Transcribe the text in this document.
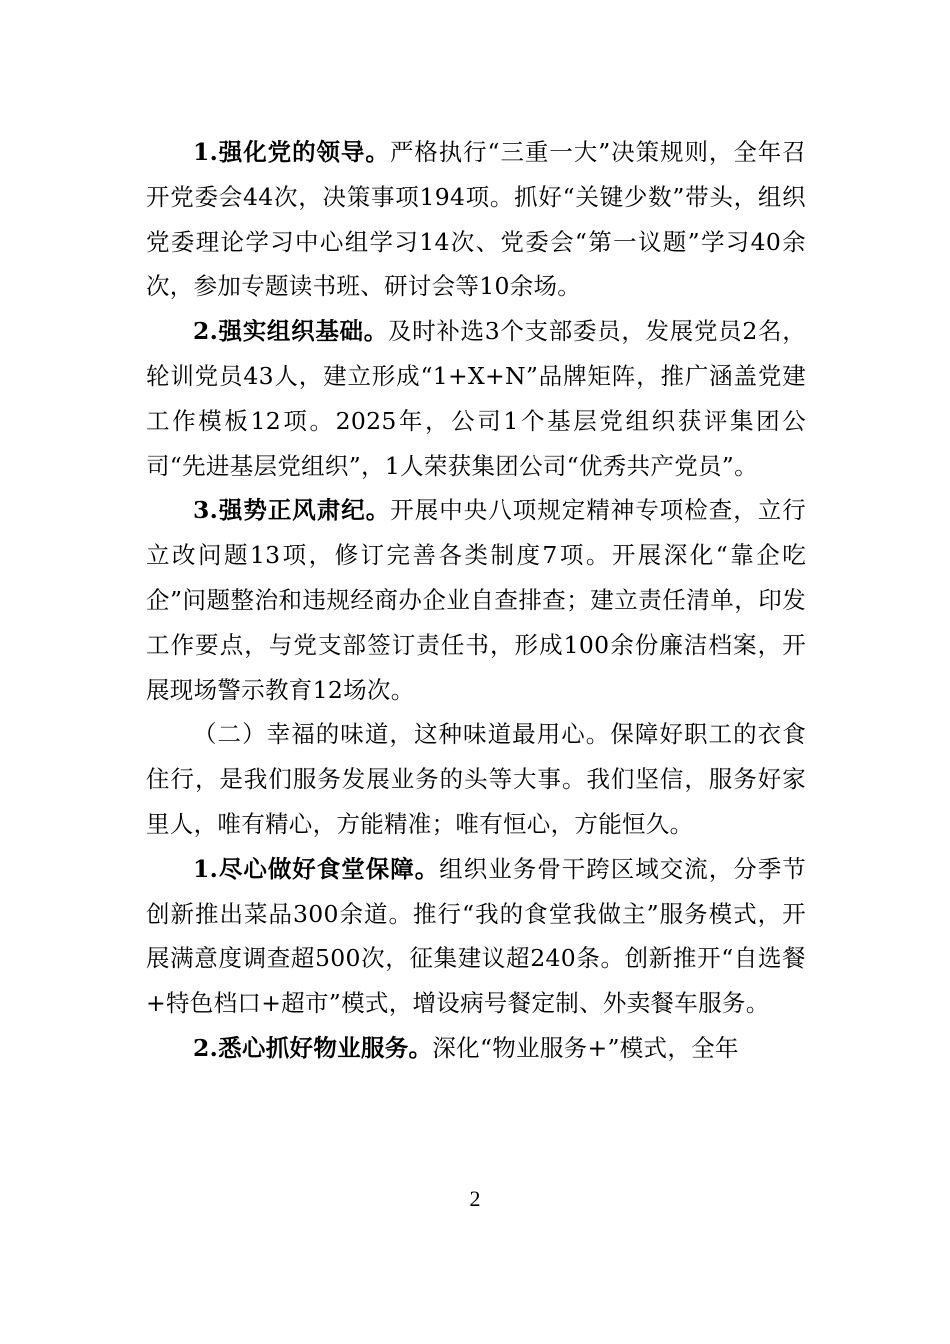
1.强化党的领导。严格执行“三重一大”决策规则，全年召开党委会44次，决策事项194项。抓好“关键少数”带头，组织党委理论学习中心组学习14次、党委会“第一议题”学习40余次，参加专题读书班、研讨会等10余场。

2.强实组织基础。及时补选3个支部委员，发展党员2名，轮训党员43人，建立形成“1+X+N”品牌矩阵，推广涵盖党建工作模板12项。2025年，公司1个基层党组织获评集团公司“先进基层党组织”，1人荣获集团公司“优秀共产党员”。

3.强势正风肃纪。开展中央八项规定精神专项检查，立行立改问题13项，修订完善各类制度7项。开展深化“靠企吃企”问题整治和违规经商办企业自查排查；建立责任清单，印发工作要点，与党支部签订责任书，形成100余份廉洁档案，开展现场警示教育12场次。

（二）幸福的味道，这种味道最用心。保障好职工的衣食住行，是我们服务发展业务的头等大事。我们坚信，服务好家里人，唯有精心，方能精准；唯有恒心，方能恒久。

1.尽心做好食堂保障。组织业务骨干跨区域交流，分季节创新推出菜品300余道。推行“我的食堂我做主”服务模式，开展满意度调查超500次，征集建议超240条。创新推开“自选餐+特色档口+超市”模式，增设病号餐定制、外卖餐车服务。

2.悉心抓好物业服务。深化“物业服务+”模式，全年

2
